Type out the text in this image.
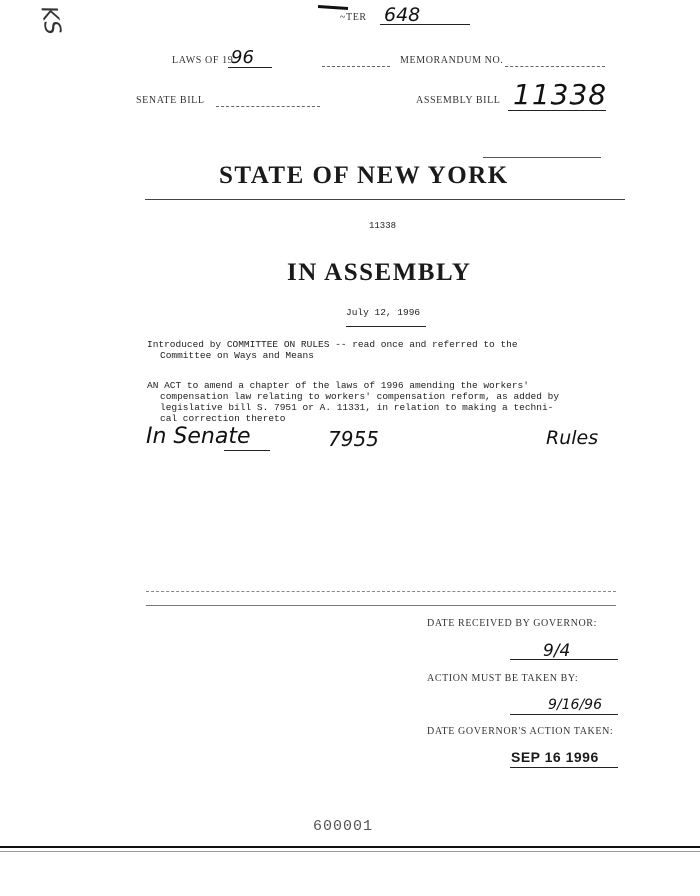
KS	~TER 648
LAWS OF 19
96	MEMORANDUM NO.
SENATE BILL	ASSEMBLY BILL 11338
STATE OF NEW YORK
11338
IN ASSEMBLY
July 12, 1996
Introduced by COMMITTEE ON RULES -- read once and referred to the
Committee on Ways and Means
AN ACT to amend a chapter of the laws of 1996 amending the workers'
compensation law relating to workers' compensation reform, as added by
legislative bill S. 7951 or A. 11331, in relation to making a techni-
cal correction thereto
In Senate	7955	Rules
DATE RECEIVED BY GOVERNOR:
9/4
ACTION MUST BE TAKEN BY:
9/16/96
DATE GOVERNOR'S ACTION TAKEN:
SEP 16 1996
600001
